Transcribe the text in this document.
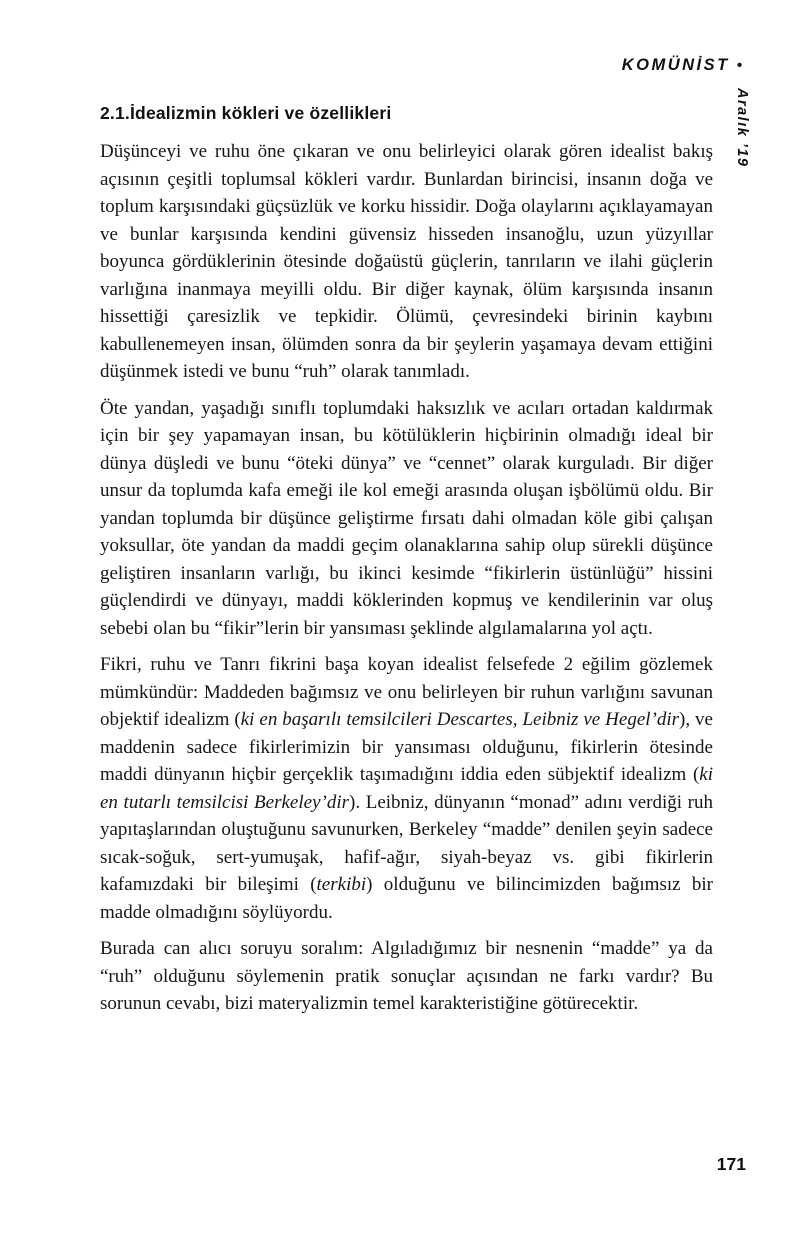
KOMÜNİST •
Aralık ’19
2.1.İdealizmin kökleri ve özellikleri

Düşünceyi ve ruhu öne çıkaran ve onu belirleyici olarak gören idealist bakış açısının çeşitli toplumsal kökleri vardır. Bunlardan birincisi, insanın doğa ve toplum karşısındaki güçsüzlük ve korku hissidir. Doğa olaylarını açıklayamayan ve bunlar karşısında kendini güvensiz hisseden insanoğlu, uzun yüzyıllar boyunca gördüklerinin ötesinde doğaüstü güçlerin, tanrıların ve ilahi güçlerin varlığına inanmaya meyilli oldu. Bir diğer kaynak, ölüm karşısında insanın hissettiği çaresizlik ve tepkidir. Ölümü, çevresindeki birinin kaybını kabullenemeyen insan, ölümden sonra da bir şeylerin yaşamaya devam ettiğini düşünmek istedi ve bunu “ruh” olarak tanımladı.

Öte yandan, yaşadığı sınıflı toplumdaki haksızlık ve acıları ortadan kaldırmak için bir şey yapamayan insan, bu kötülüklerin hiçbirinin olmadığı ideal bir dünya düşledi ve bunu “öteki dünya” ve “cennet” olarak kurguladı. Bir diğer unsur da toplumda kafa emeği ile kol emeği arasında oluşan işbölümü oldu. Bir yandan toplumda bir düşünce geliştirme fırsatı dahi olmadan köle gibi çalışan yoksullar, öte yandan da maddi geçim olanaklarına sahip olup sürekli düşünce geliştiren insanların varlığı, bu ikinci kesimde “fikirlerin üstünlüğü” hissini güçlendirdi ve dünyayı, maddi köklerinden kopmuş ve kendilerinin var oluş sebebi olan bu “fikir”lerin bir yansıması şeklinde algılamalarına yol açtı.

Fikri, ruhu ve Tanrı fikrini başa koyan idealist felsefede 2 eğilim gözlemek mümkündür: Maddeden bağımsız ve onu belirleyen bir ruhun varlığını savunan objektif idealizm (ki en başarılı temsilcileri Descartes, Leibniz ve Hegel’dir), ve maddenin sadece fikirlerimizin bir yansıması olduğunu, fikirlerin ötesinde maddi dünyanın hiçbir gerçeklik taşımadığını iddia eden sübjektif idealizm (ki en tutarlı temsilcisi Berkeley’dir). Leibniz, dünyanın “monad” adını verdiği ruh yapıtaşlarından oluştuğunu savunurken, Berkeley “madde” denilen şeyin sadece sıcak-soğuk, sert-yumuşak, hafif-ağır, siyah-beyaz vs. gibi fikirlerin kafamızdaki bir bileşimi (terkibi) olduğunu ve bilincimizden bağımsız bir madde olmadığını söylüyordu.

Burada can alıcı soruyu soralım: Algıladığımız bir nesnenin “madde” ya da “ruh” olduğunu söylemenin pratik sonuçlar açısından ne farkı vardır? Bu sorunun cevabı, bizi materyalizmin temel karakteristiğine götürecektir.

171
